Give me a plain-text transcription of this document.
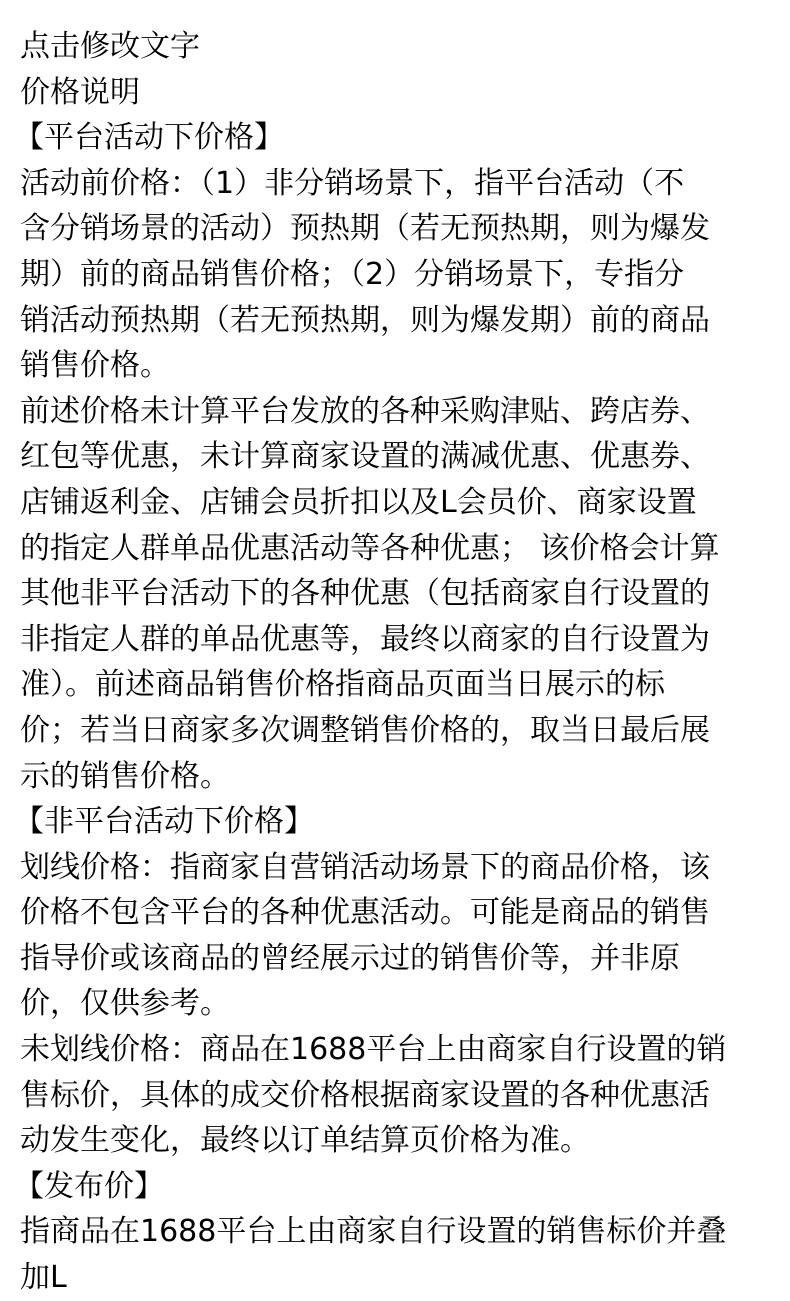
点击修改文字

价格说明

【平台活动下价格】

活动前价格：（1）非分销场景下，指平台活动（不

含分销场景的活动）预热期（若无预热期，则为爆发

期）前的商品销售价格；（2）分销场景下，专指分

销活动预热期（若无预热期，则为爆发期）前的商品

销售价格。

前述价格未计算平台发放的各种采购津贴、跨店券、

红包等优惠，未计算商家设置的满减优惠、优惠券、

店铺返利金、店铺会员折扣以及L会员价、商家设置

的指定人群单品优惠活动等各种优惠； 该价格会计算

其他非平台活动下的各种优惠（包括商家自行设置的

非指定人群的单品优惠等，最终以商家的自行设置为

准）。前述商品销售价格指商品页面当日展示的标

价；若当日商家多次调整销售价格的，取当日最后展

示的销售价格。

【非平台活动下价格】

划线价格：指商家自营销活动场景下的商品价格，该

价格不包含平台的各种优惠活动。可能是商品的销售

指导价或该商品的曾经展示过的销售价等，并非原

价，仅供参考。

未划线价格：商品在1688平台上由商家自行设置的销

售标价，具体的成交价格根据商家设置的各种优惠活

动发生变化，最终以订单结算页价格为准。

【发布价】

指商品在1688平台上由商家自行设置的销售标价并叠

加L
